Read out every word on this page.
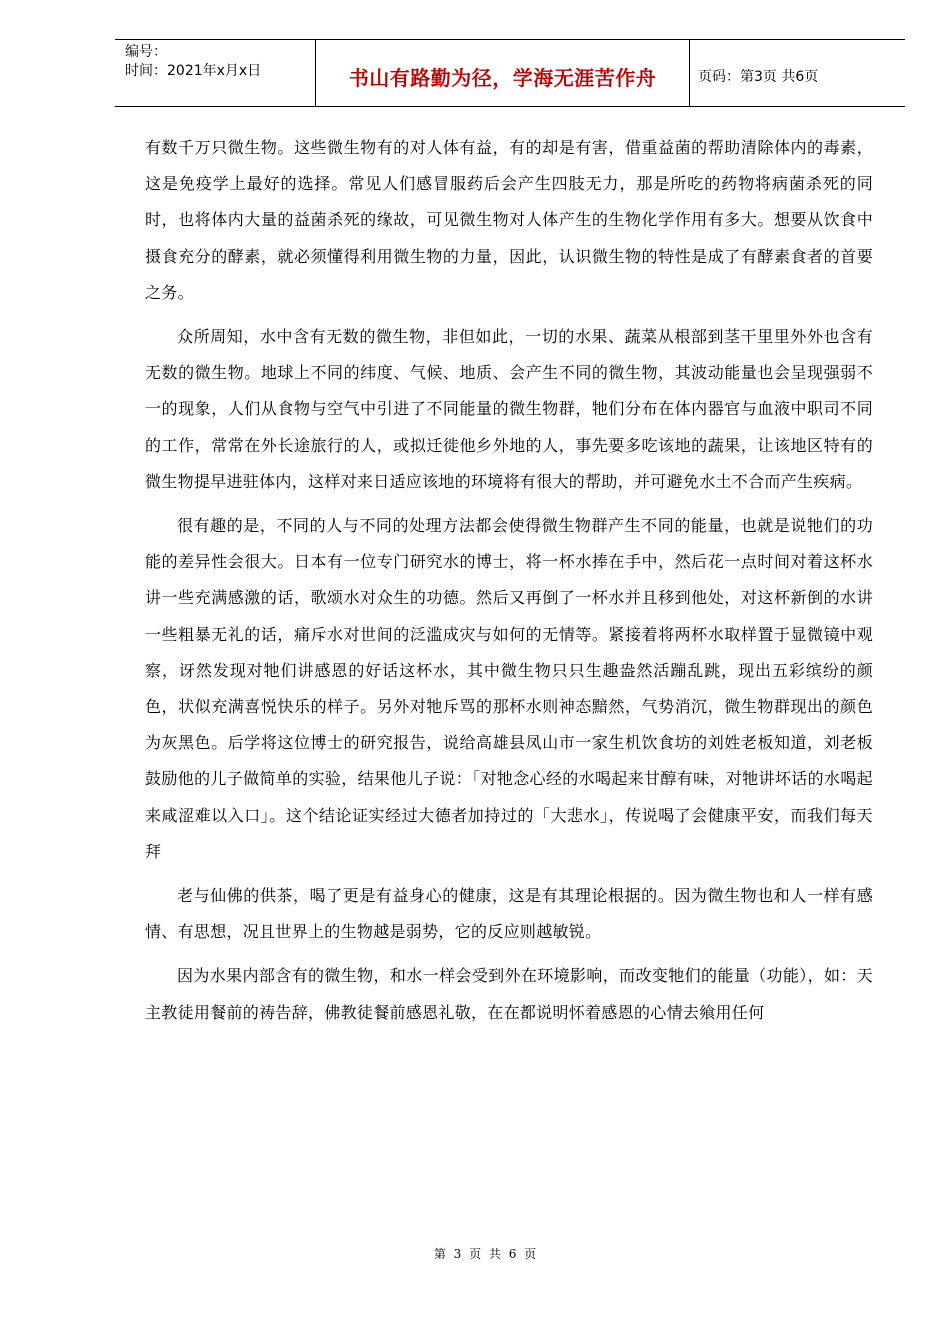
编号：
时间：2021年x月x日	书山有路勤为径，学海无涯苦作舟	页码：第3页 共6页

有数千万只微生物。这些微生物有的对人体有益，有的却是有害，借重益菌的帮助清除体内的毒素，这是免疫学上最好的选择。常见人们感冒服药后会产生四肢无力，那是所吃的药物将病菌杀死的同时，也将体内大量的益菌杀死的缘故，可见微生物对人体产生的生物化学作用有多大。想要从饮食中摄食充分的酵素，就必须懂得利用微生物的力量，因此，认识微生物的特性是成了有酵素食者的首要之务。

众所周知，水中含有无数的微生物，非但如此，一切的水果、蔬菜从根部到茎干里里外外也含有无数的微生物。地球上不同的纬度、气候、地质、会产生不同的微生物，其波动能量也会呈现强弱不一的现象，人们从食物与空气中引进了不同能量的微生物群，牠们分布在体内器官与血液中职司不同的工作，常常在外长途旅行的人，或拟迁徙他乡外地的人，事先要多吃该地的蔬果，让该地区特有的微生物提早进驻体内，这样对来日适应该地的环境将有很大的帮助，并可避免水土不合而产生疾病。

很有趣的是，不同的人与不同的处理方法都会使得微生物群产生不同的能量，也就是说牠们的功能的差异性会很大。日本有一位专门研究水的博士，将一杯水捧在手中，然后花一点时间对着这杯水讲一些充满感激的话，歌颂水对众生的功德。然后又再倒了一杯水并且移到他处，对这杯新倒的水讲一些粗暴无礼的话，痛斥水对世间的泛滥成灾与如何的无情等。紧接着将两杯水取样置于显微镜中观察，讶然发现对牠们讲感恩的好话这杯水，其中微生物只只生趣盎然活蹦乱跳，现出五彩缤纷的颜色，状似充满喜悦快乐的样子。另外对牠斥骂的那杯水则神态黯然，气势消沉，微生物群现出的颜色为灰黑色。后学将这位博士的研究报告，说给高雄县凤山市一家生机饮食坊的刘姓老板知道，刘老板鼓励他的儿子做简单的实验，结果他儿子说：「对牠念心经的水喝起来甘醇有味，对牠讲坏话的水喝起来咸涩难以入口」。这个结论证实经过大德者加持过的「大悲水」，传说喝了会健康平安，而我们每天拜

老与仙佛的供茶，喝了更是有益身心的健康，这是有其理论根据的。因为微生物也和人一样有感情、有思想，况且世界上的生物越是弱势，它的反应则越敏锐。

因为水果内部含有的微生物，和水一样会受到外在环境影响，而改变牠们的能量（功能），如：天主教徒用餐前的祷告辞，佛教徒餐前感恩礼敬，在在都说明怀着感恩的心情去飨用任何

第 3 页 共 6 页
